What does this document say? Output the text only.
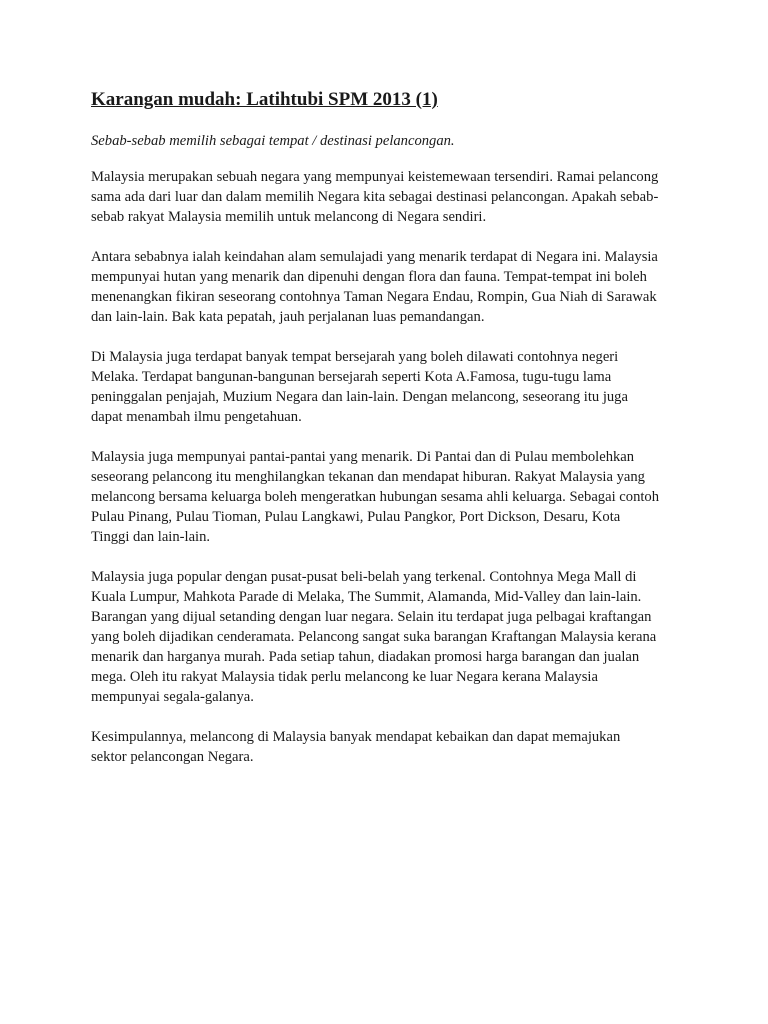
Karangan mudah: Latihtubi SPM 2013 (1)

Sebab-sebab memilih sebagai tempat / destinasi pelancongan.

Malaysia merupakan sebuah negara yang mempunyai keistemewaan tersendiri. Ramai pelancong
sama ada dari luar dan dalam memilih Negara kita sebagai destinasi pelancongan. Apakah sebab-
sebab rakyat Malaysia memilih untuk melancong di Negara sendiri.
Antara sebabnya ialah keindahan alam semulajadi yang menarik terdapat di Negara ini. Malaysia
mempunyai hutan yang menarik dan dipenuhi dengan flora dan fauna. Tempat-tempat ini boleh
menenangkan fikiran seseorang contohnya Taman Negara Endau, Rompin, Gua Niah di Sarawak
dan lain-lain. Bak kata pepatah, jauh perjalanan luas pemandangan.
Di Malaysia juga terdapat banyak tempat bersejarah yang boleh dilawati contohnya negeri
Melaka. Terdapat bangunan-bangunan bersejarah seperti Kota A.Famosa, tugu-tugu lama
peninggalan penjajah, Muzium Negara dan lain-lain. Dengan melancong, seseorang itu juga
dapat menambah ilmu pengetahuan.
Malaysia juga mempunyai pantai-pantai yang menarik. Di Pantai dan di Pulau membolehkan
seseorang pelancong itu menghilangkan tekanan dan mendapat hiburan. Rakyat Malaysia yang
melancong bersama keluarga boleh mengeratkan hubungan sesama ahli keluarga. Sebagai contoh
Pulau Pinang, Pulau Tioman, Pulau Langkawi, Pulau Pangkor, Port Dickson, Desaru, Kota
Tinggi dan lain-lain.
Malaysia juga popular dengan pusat-pusat beli-belah yang terkenal. Contohnya Mega Mall di
Kuala Lumpur, Mahkota Parade di Melaka, The Summit, Alamanda, Mid-Valley dan lain-lain.
Barangan yang dijual setanding dengan luar negara. Selain itu terdapat juga pelbagai kraftangan
yang boleh dijadikan cenderamata. Pelancong sangat suka barangan Kraftangan Malaysia kerana
menarik dan harganya murah. Pada setiap tahun, diadakan promosi harga barangan dan jualan
mega. Oleh itu rakyat Malaysia tidak perlu melancong ke luar Negara kerana Malaysia
mempunyai segala-galanya.
Kesimpulannya, melancong di Malaysia banyak mendapat kebaikan dan dapat memajukan
sektor pelancongan Negara.
